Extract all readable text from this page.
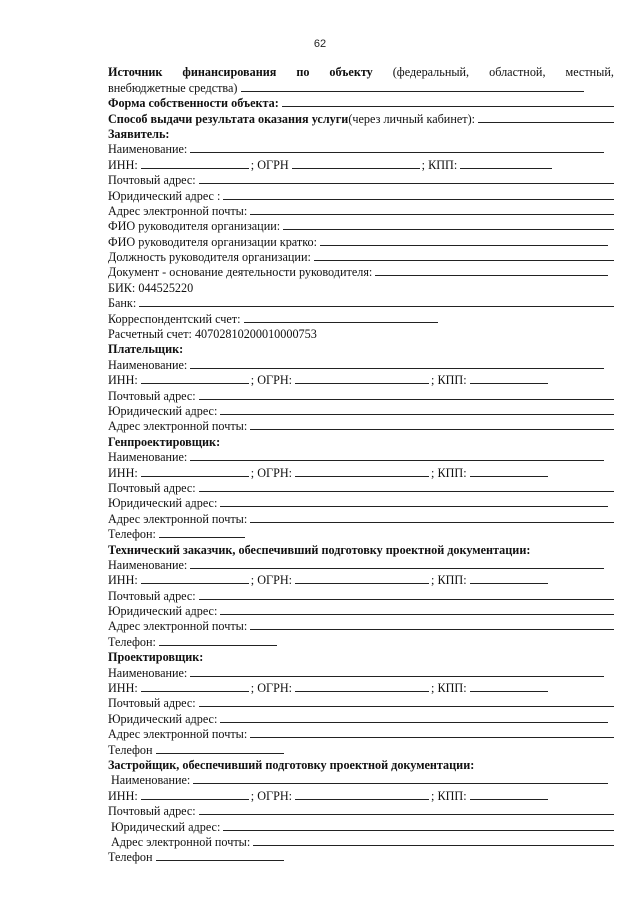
62
Источник финансирования по объекту (федеральный, областной, местный,
внебюджетные средства)
Форма собственности объекта:
Способ выдачи результата оказания услуги (через личный кабинет):
Заявитель:
Наименование:
ИНН:	; ОГРН	; КПП:
Почтовый адрес:
Юридический адрес :
Адрес электронной почты:
ФИО руководителя организации:
ФИО руководителя организации кратко:
Должность руководителя организации:
Документ - основание деятельности руководителя:
БИК: 044525220
Банк:
Корреспондентский счет:
Расчетный счет: 40702810200010000753
Плательщик:
Наименование:
ИНН:	; ОГРН:	; КПП:
Почтовый адрес:
Юридический адрес:
Адрес электронной почты:
Генпроектировщик:
Наименование:
ИНН:	; ОГРН:	; КПП:
Почтовый адрес:
Юридический адрес:
Адрес электронной почты:
Телефон:
Технический заказчик, обеспечивший подготовку проектной документации:
Наименование:
ИНН:	; ОГРН:	; КПП:
Почтовый адрес:
Юридический адрес:
Адрес электронной почты:
Телефон:
Проектировщик:
Наименование:
ИНН:	; ОГРН:	; КПП:
Почтовый адрес:
Юридический адрес:
Адрес электронной почты:
Телефон
Застройщик, обеспечивший подготовку проектной документации:
Наименование:
ИНН:	; ОГРН:	; КПП:
Почтовый адрес:
Юридический адрес:
Адрес электронной почты:
Телефон
